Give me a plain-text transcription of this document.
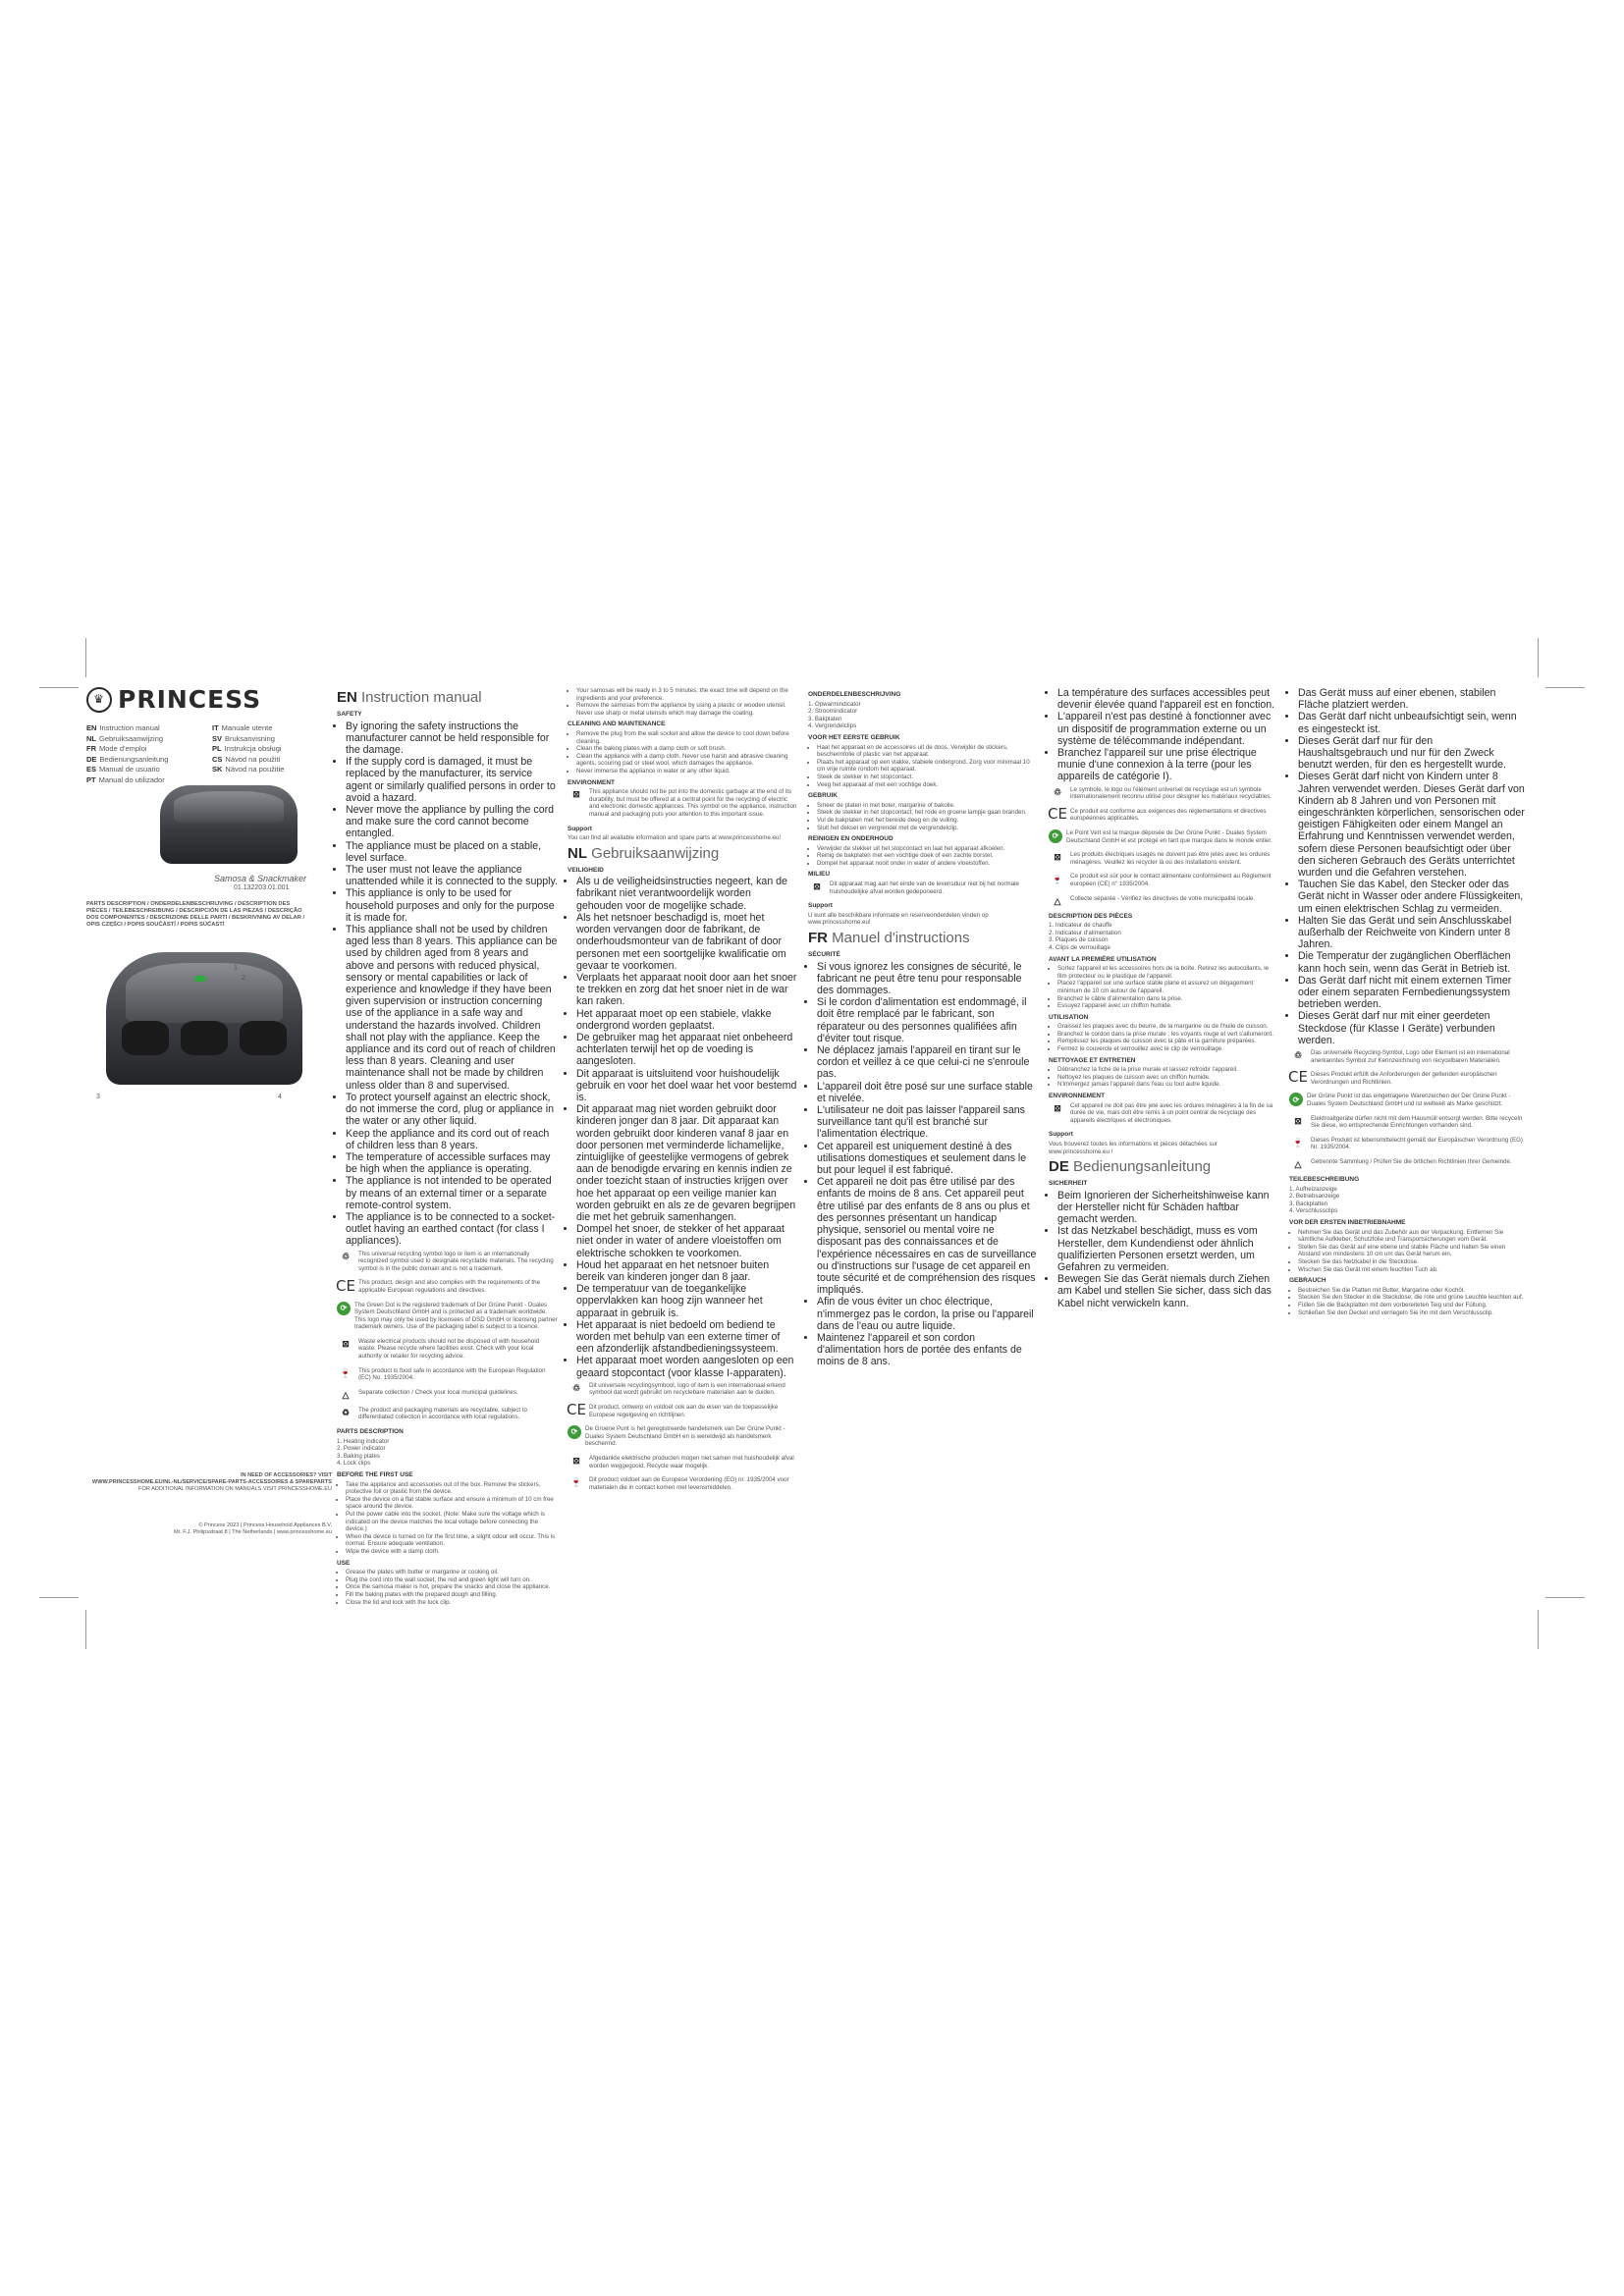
♛ PRINCESS
EN Instruction manual	IT Manuale utente
NL Gebruiksaanwijzing	SV Bruksanvisning
FR Mode d'emploi	PL Instrukcja obsługi
DE Bedienungsanleitung	CS Návod na použití
ES Manual de usuario	SK Návod na použitie
PT Manual do utilizador
Samosa & Snackmaker
01.132203.01.001
PARTS DESCRIPTION / ONDERDELENBESCHRIJVING / DESCRIPTION DES PIÈCES / TEILEBESCHREIBUNG / DESCRIPCIÓN DE LAS PIEZAS / DESCRIÇÃO DOS COMPONENTES / DESCRIZIONE DELLE PARTI / BESKRIVNING AV DELAR / OPIS CZĘŚCI / POPIS SOUČÁSTÍ / POPIS SÚČASTÍ
1
2
3	4
IN NEED OF ACCESSORIES? VISIT
WWW.PRINCESSHOME.EU/NL-NL/SERVICE/SPARE-PARTS-ACCESSOIRES & SPAREPARTS
FOR ADDITIONAL INFORMATION ON MANUALS VISIT PRINCESSHOME.EU
© Princess 2023 | Princess Household Appliances B.V.
Mr. F.J. Philipsstraat 8 | The Netherlands | www.princesshome.eu
EN Instruction manual
SAFETY
• By ignoring the safety instructions the manufacturer cannot be held responsible for the damage.
• If the supply cord is damaged, it must be replaced by the manufacturer, its service agent or similarly qualified persons in order to avoid a hazard.
• Never move the appliance by pulling the cord and make sure the cord cannot become entangled.
• The appliance must be placed on a stable, level surface.
• The user must not leave the appliance unattended while it is connected to the supply.
• This appliance is only to be used for household purposes and only for the purpose it is made for.
• This appliance shall not be used by children aged less than 8 years. This appliance can be used by children aged from 8 years and above and persons with reduced physical, sensory or mental capabilities or lack of experience and knowledge if they have been given supervision or instruction concerning use of the appliance in a safe way and understand the hazards involved. Children shall not play with the appliance. Keep the appliance and its cord out of reach of children less than 8 years. Cleaning and user maintenance shall not be made by children unless older than 8 and supervised.
• To protect yourself against an electric shock, do not immerse the cord, plug or appliance in the water or any other liquid.
• Keep the appliance and its cord out of reach of children less than 8 years.
• The temperature of accessible surfaces may be high when the appliance is operating.
• The appliance is not intended to be operated by means of an external timer or a separate remote-control system.
• The appliance is to be connected to a socket-outlet having an earthed contact (for class I appliances).
♲	This universal recycling symbol logo or item is an internationally recognized symbol used to designate recyclable materials. The recycling symbol is in the public domain and is not a trademark.

CE This product, design and also complies with the requirements of the applicable European regulations and directives.

⟳	The Green Dot is the registered trademark of Der Grüne Punkt - Duales System Deutschland GmbH and is protected as a trademark worldwide. This logo may only be used by licensees of DSD GmbH or licensing partner trademark owners. Use of the packaging label is subject to a licence.

⊠	Waste electrical products should not be disposed of with household waste. Please recycle where facilities exist. Check with your local authority or retailer for recycling advice.

🍷	This product is food safe in accordance with the European Regulation (EC) No. 1935/2004.

△	Separate collection / Check your local municipal guidelines.

♻	The product and packaging materials are recyclable, subject to differentiated collection in accordance with local regulations.

PARTS DESCRIPTION
1. Heating indicator
2. Power indicator
3. Baking plates
4. Lock clips
BEFORE THE FIRST USE
• Take the appliance and accessories out of the box. Remove the stickers, protective foil or plastic from the device.
• Place the device on a flat stable surface and ensure a minimum of 10 cm free space around the device.
• Put the power cable into the socket. (Note: Make sure the voltage which is indicated on the device matches the local voltage before connecting the device.)
• When the device is turned on for the first time, a slight odour will occur. This is normal. Ensure adequate ventilation.
• Wipe the device with a damp cloth.
USE
• Grease the plates with butter or margarine or cooking oil.
• Plug the cord into the wall socket; the red and green light will turn on.
• Once the samosa maker is hot, prepare the snacks and close the appliance.
• Fill the baking plates with the prepared dough and filling.
• Close the lid and lock with the lock clip.
• Your samosas will be ready in 3 to 5 minutes; the exact time will depend on the ingredients and your preference.
• Remove the samosas from the appliance by using a plastic or wooden utensil. Never use sharp or metal utensils which may damage the coating.
CLEANING AND MAINTENANCE
• Remove the plug from the wall socket and allow the device to cool down before cleaning.
• Clean the baking plates with a damp cloth or soft brush.
• Clean the appliance with a damp cloth. Never use harsh and abrasive cleaning agents, scouring pad or steel wool, which damages the appliance.
• Never immerse the appliance in water or any other liquid.
ENVIRONMENT
⊠	This appliance should not be put into the domestic garbage at the end of its durability, but must be offered at a central point for the recycling of electric and electronic domestic appliances. This symbol on the appliance, instruction manual and packaging puts your attention to this important issue.

Support

You can find all available information and spare parts at www.princesshome.eu!

NL Gebruiksaanwijzing
VEILIGHEID
• Als u de veiligheidsinstructies negeert, kan de fabrikant niet verantwoordelijk worden gehouden voor de mogelijke schade.
• Als het netsnoer beschadigd is, moet het worden vervangen door de fabrikant, de onderhoudsmonteur van de fabrikant of door personen met een soortgelijke kwalificatie om gevaar te voorkomen.
• Verplaats het apparaat nooit door aan het snoer te trekken en zorg dat het snoer niet in de war kan raken.
• Het apparaat moet op een stabiele, vlakke ondergrond worden geplaatst.
• De gebruiker mag het apparaat niet onbeheerd achterlaten terwijl het op de voeding is aangesloten.
• Dit apparaat is uitsluitend voor huishoudelijk gebruik en voor het doel waar het voor bestemd is.
• Dit apparaat mag niet worden gebruikt door kinderen jonger dan 8 jaar. Dit apparaat kan worden gebruikt door kinderen vanaf 8 jaar en door personen met verminderde lichamelijke, zintuiglijke of geestelijke vermogens of gebrek aan de benodigde ervaring en kennis indien ze onder toezicht staan of instructies krijgen over hoe het apparaat op een veilige manier kan worden gebruikt en als ze de gevaren begrijpen die met het gebruik samenhangen.
• Dompel het snoer, de stekker of het apparaat niet onder in water of andere vloeistoffen om elektrische schokken te voorkomen.
• Houd het apparaat en het netsnoer buiten bereik van kinderen jonger dan 8 jaar.
• De temperatuur van de toegankelijke oppervlakken kan hoog zijn wanneer het apparaat in gebruik is.
• Het apparaat is niet bedoeld om bediend te worden met behulp van een externe timer of een afzonderlijk afstandbedieningssysteem.
• Het apparaat moet worden aangesloten op een geaard stopcontact (voor klasse I-apparaten).
♲	Dit universele recyclingsymbool, logo of item is een internationaal erkend symbool dat wordt gebruikt om recyclebare materialen aan te duiden.

CE Dit product, ontwerp en voldoet ook aan de eisen van de toepasselijke Europese regelgeving en richtlijnen.

⟳	De Groene Punt is het geregistreerde handelsmerk van Der Grüne Punkt - Duales System Deutschland GmbH en is wereldwijd als handelsmerk beschermd.

⊠	Afgedankte elektrische producten mogen niet samen met huishoudelijk afval worden weggegooid. Recycle waar mogelijk.

🍷	Dit product voldoet aan de Europese Verordening (EG) nr. 1935/2004 voor materialen die in contact komen met levensmiddelen.

ONDERDELENBESCHRIJVING
1. Opwarmindicator
2. Stroomindicator
3. Bakplaten
4. Vergrendelclips
VOOR HET EERSTE GEBRUIK
• Haal het apparaat en de accessoires uit de doos. Verwijder de stickers, beschermfolie of plastic van het apparaat.
• Plaats het apparaat op een vlakke, stabiele ondergrond. Zorg voor minimaal 10 cm vrije ruimte rondom het apparaat.
• Steek de stekker in het stopcontact.
• Veeg het apparaat af met een vochtige doek.
GEBRUIK
• Smeer de platen in met boter, margarine of bakolie.
• Steek de stekker in het stopcontact; het rode en groene lampje gaan branden.
• Vul de bakplaten met het bereide deeg en de vulling.
• Sluit het deksel en vergrendel met de vergrendelclip.
REINIGEN EN ONDERHOUD
• Verwijder de stekker uit het stopcontact en laat het apparaat afkoelen.
• Reinig de bakplaten met een vochtige doek of een zachte borstel.
• Dompel het apparaat nooit onder in water of andere vloeistoffen.
MILIEU
⊠	Dit apparaat mag aan het einde van de levensduur niet bij het normale huishoudelijke afval worden gedeponeerd.

Support

U kunt alle beschikbare informatie en reserveonderdelen vinden op www.princesshome.eu!

FR Manuel d'instructions
SÉCURITÉ
• Si vous ignorez les consignes de sécurité, le fabricant ne peut être tenu pour responsable des dommages.
• Si le cordon d'alimentation est endommagé, il doit être remplacé par le fabricant, son réparateur ou des personnes qualifiées afin d'éviter tout risque.
• Ne déplacez jamais l'appareil en tirant sur le cordon et veillez à ce que celui-ci ne s'enroule pas.
• L'appareil doit être posé sur une surface stable et nivelée.
• L'utilisateur ne doit pas laisser l'appareil sans surveillance tant qu'il est branché sur l'alimentation électrique.
• Cet appareil est uniquement destiné à des utilisations domestiques et seulement dans le but pour lequel il est fabriqué.
• Cet appareil ne doit pas être utilisé par des enfants de moins de 8 ans. Cet appareil peut être utilisé par des enfants de 8 ans ou plus et des personnes présentant un handicap physique, sensoriel ou mental voire ne disposant pas des connaissances et de l'expérience nécessaires en cas de surveillance ou d'instructions sur l'usage de cet appareil en toute sécurité et de compréhension des risques impliqués.
• Afin de vous éviter un choc électrique, n'immergez pas le cordon, la prise ou l'appareil dans de l'eau ou autre liquide.
• Maintenez l'appareil et son cordon d'alimentation hors de portée des enfants de moins de 8 ans.
• La température des surfaces accessibles peut devenir élevée quand l'appareil est en fonction.
• L'appareil n'est pas destiné à fonctionner avec un dispositif de programmation externe ou un système de télécommande indépendant.
• Branchez l'appareil sur une prise électrique munie d'une connexion à la terre (pour les appareils de catégorie I).
♲	Le symbole, le logo ou l'élément universel de recyclage est un symbole internationalement reconnu utilisé pour désigner les matériaux recyclables.

CE Ce produit est conforme aux exigences des réglementations et directives européennes applicables.

⟳	Le Point Vert est la marque déposée de Der Grüne Punkt - Duales System Deutschland GmbH et est protégé en tant que marque dans le monde entier.

⊠	Les produits électriques usagés ne doivent pas être jetés avec les ordures ménagères. Veuillez les recycler là où des installations existent.

🍷	Ce produit est sûr pour le contact alimentaire conformément au Règlement européen (CE) n° 1935/2004.

△	Collecte séparée - Vérifiez les directives de votre municipalité locale.

DESCRIPTION DES PIÈCES
1. Indicateur de chauffe
2. Indicateur d'alimentation
3. Plaques de cuisson
4. Clips de verrouillage
AVANT LA PREMIÈRE UTILISATION
• Sortez l'appareil et les accessoires hors de la boîte. Retirez les autocollants, le film protecteur ou le plastique de l'appareil.
• Placez l'appareil sur une surface stable plane et assurez un dégagement minimum de 10 cm autour de l'appareil.
• Branchez le câble d'alimentation dans la prise.
• Essuyez l'appareil avec un chiffon humide.
UTILISATION
• Graissez les plaques avec du beurre, de la margarine ou de l'huile de cuisson.
• Branchez le cordon dans la prise murale ; les voyants rouge et vert s'allumeront.
• Remplissez les plaques de cuisson avec la pâte et la garniture préparées.
• Fermez le couvercle et verrouillez avec le clip de verrouillage.
NETTOYAGE ET ENTRETIEN
• Débranchez la fiche de la prise murale et laissez refroidir l'appareil.
• Nettoyez les plaques de cuisson avec un chiffon humide.
• N'immergez jamais l'appareil dans l'eau ou tout autre liquide.
ENVIRONNEMENT
⊠	Cet appareil ne doit pas être jeté avec les ordures ménagères à la fin de sa durée de vie, mais doit être remis à un point central de recyclage des appareils électriques et électroniques.

Support

Vous trouverez toutes les informations et pièces détachées sur www.princesshome.eu !

DE Bedienungsanleitung
SICHERHEIT
• Beim Ignorieren der Sicherheitshinweise kann der Hersteller nicht für Schäden haftbar gemacht werden.
• Ist das Netzkabel beschädigt, muss es vom Hersteller, dem Kundendienst oder ähnlich qualifizierten Personen ersetzt werden, um Gefahren zu vermeiden.
• Bewegen Sie das Gerät niemals durch Ziehen am Kabel und stellen Sie sicher, dass sich das Kabel nicht verwickeln kann.
• Das Gerät muss auf einer ebenen, stabilen Fläche platziert werden.
• Das Gerät darf nicht unbeaufsichtigt sein, wenn es eingesteckt ist.
• Dieses Gerät darf nur für den Haushaltsgebrauch und nur für den Zweck benutzt werden, für den es hergestellt wurde.
• Dieses Gerät darf nicht von Kindern unter 8 Jahren verwendet werden. Dieses Gerät darf von Kindern ab 8 Jahren und von Personen mit eingeschränkten körperlichen, sensorischen oder geistigen Fähigkeiten oder einem Mangel an Erfahrung und Kenntnissen verwendet werden, sofern diese Personen beaufsichtigt oder über den sicheren Gebrauch des Geräts unterrichtet wurden und die Gefahren verstehen.
• Tauchen Sie das Kabel, den Stecker oder das Gerät nicht in Wasser oder andere Flüssigkeiten, um einen elektrischen Schlag zu vermeiden.
• Halten Sie das Gerät und sein Anschlusskabel außerhalb der Reichweite von Kindern unter 8 Jahren.
• Die Temperatur der zugänglichen Oberflächen kann hoch sein, wenn das Gerät in Betrieb ist.
• Das Gerät darf nicht mit einem externen Timer oder einem separaten Fernbedienungssystem betrieben werden.
• Dieses Gerät darf nur mit einer geerdeten Steckdose (für Klasse I Geräte) verbunden werden.
♲	Das universelle Recycling-Symbol, Logo oder Element ist ein international anerkanntes Symbol zur Kennzeichnung von recycelbaren Materialien.

CE Dieses Produkt erfüllt die Anforderungen der geltenden europäischen Verordnungen und Richtlinien.

⟳	Der Grüne Punkt ist das eingetragene Warenzeichen der Der Grüne Punkt - Duales System Deutschland GmbH und ist weltweit als Marke geschützt.

⊠	Elektroaltgeräte dürfen nicht mit dem Hausmüll entsorgt werden. Bitte recyceln Sie diese, wo entsprechende Einrichtungen vorhanden sind.

🍷	Dieses Produkt ist lebensmittelecht gemäß der Europäischen Verordnung (EG) Nr. 1935/2004.

△	Getrennte Sammlung / Prüfen Sie die örtlichen Richtlinien Ihrer Gemeinde.

TEILEBESCHREIBUNG
1. Aufheizanzeige
2. Betriebsanzeige
3. Backplatten
4. Verschlussclips
VOR DER ERSTEN INBETRIEBNAHME
• Nehmen Sie das Gerät und das Zubehör aus der Verpackung. Entfernen Sie sämtliche Aufkleber, Schutzfolie und Transportsicherungen vom Gerät.
• Stellen Sie das Gerät auf eine ebene und stabile Fläche und halten Sie einen Abstand von mindestens 10 cm um das Gerät herum ein.
• Stecken Sie das Netzkabel in die Steckdose.
• Wischen Sie das Gerät mit einem feuchten Tuch ab.
GEBRAUCH
• Bestreichen Sie die Platten mit Butter, Margarine oder Kochöl.
• Stecken Sie den Stecker in die Steckdose; die rote und grüne Leuchte leuchten auf.
• Füllen Sie die Backplatten mit dem vorbereiteten Teig und der Füllung.
• Schließen Sie den Deckel und verriegeln Sie ihn mit dem Verschlussclip.
